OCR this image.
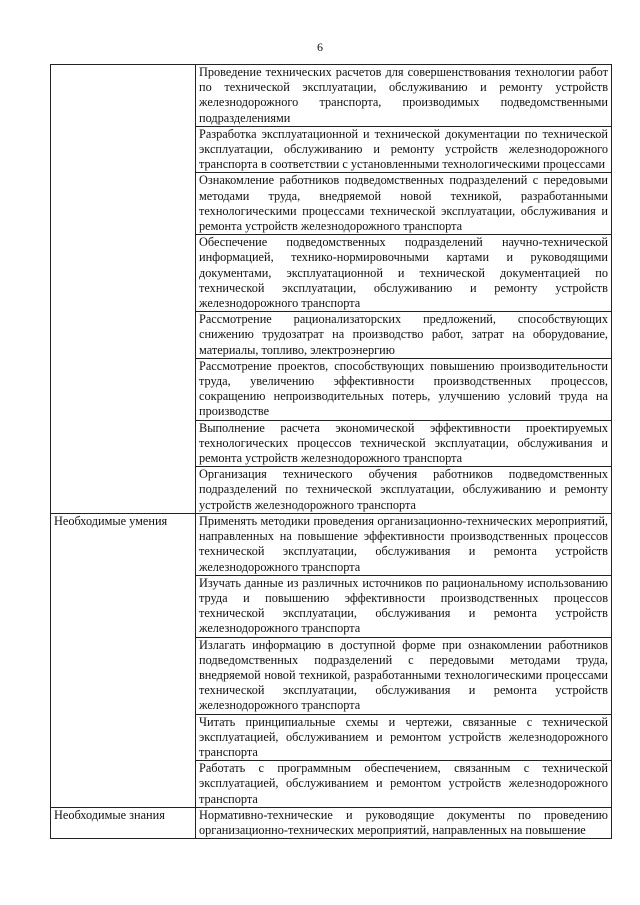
6
	Проведение технических расчетов для совершенствования технологии работ по технической эксплуатации, обслуживанию и ремонту устройств железнодорожного транспорта, производимых подведомственными подразделениями
	Разработка эксплуатационной и технической документации по технической эксплуатации, обслуживанию и ремонту устройств железнодорожного транспорта в соответствии с установленными технологическими процессами
	Ознакомление работников подведомственных подразделений с передовыми методами труда, внедряемой новой техникой, разработанными технологическими процессами технической эксплуатации, обслуживания и ремонта устройств железнодорожного транспорта
	Обеспечение подведомственных подразделений научно-технической информацией, технико-нормировочными картами и руководящими документами, эксплуатационной и технической документацией по технической эксплуатации, обслуживанию и ремонту устройств железнодорожного транспорта
	Рассмотрение рационализаторских предложений, способствующих снижению трудозатрат на производство работ, затрат на оборудование, материалы, топливо, электроэнергию
	Рассмотрение проектов, способствующих повышению производительности труда, увеличению эффективности производственных процессов, сокращению непроизводительных потерь, улучшению условий труда на производстве
	Выполнение расчета экономической эффективности проектируемых технологических процессов технической эксплуатации, обслуживания и ремонта устройств железнодорожного транспорта
	Организация технического обучения работников подведомственных подразделений по технической эксплуатации, обслуживанию и ремонту устройств железнодорожного транспорта

Необходимые умения	Применять методики проведения организационно-технических мероприятий, направленных на повышение эффективности производственных процессов технической эксплуатации, обслуживания и ремонта устройств железнодорожного транспорта
	Изучать данные из различных источников по рациональному использованию труда и повышению эффективности производственных процессов технической эксплуатации, обслуживания и ремонта устройств железнодорожного транспорта
	Излагать информацию в доступной форме при ознакомлении работников подведомственных подразделений с передовыми методами труда, внедряемой новой техникой, разработанными технологическими процессами технической эксплуатации, обслуживания и ремонта устройств железнодорожного транспорта
	Читать принципиальные схемы и чертежи, связанные с технической эксплуатацией, обслуживанием и ремонтом устройств железнодорожного транспорта
	Работать с программным обеспечением, связанным с технической эксплуатацией, обслуживанием и ремонтом устройств железнодорожного транспорта

Необходимые знания	Нормативно-технические и руководящие документы по проведению организационно-технических мероприятий, направленных на повышение
